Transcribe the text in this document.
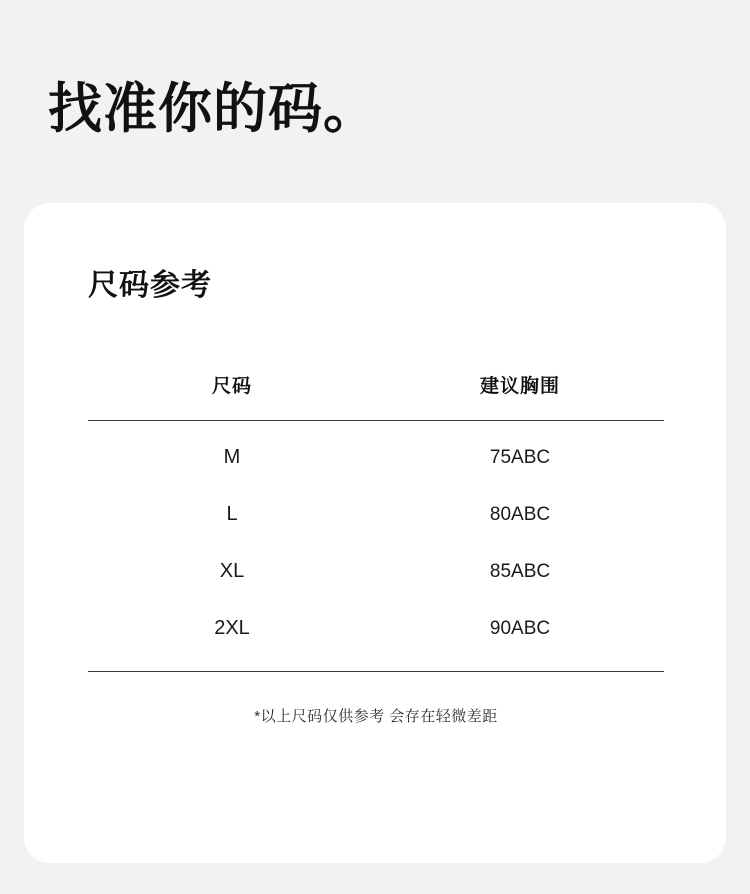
找准你的码。
尺码参考
尺码	建议胸围
M	75ABC
L	80ABC
XL	85ABC
2XL	90ABC
*以上尺码仅供参考 会存在轻微差距
